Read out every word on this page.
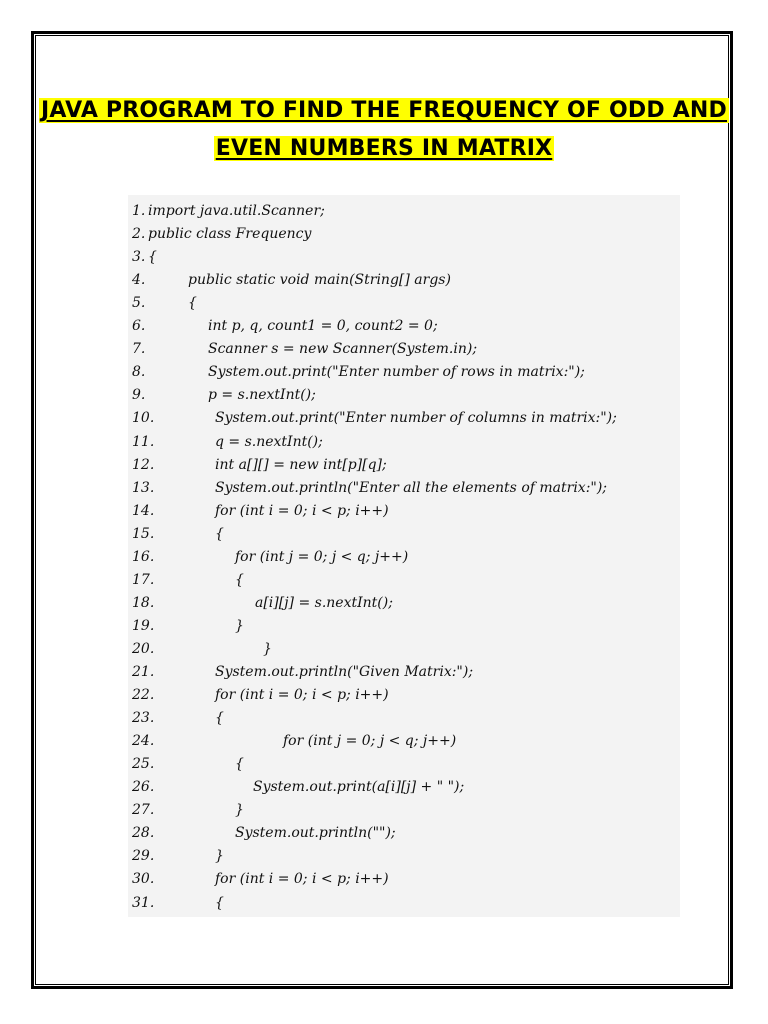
JAVA PROGRAM TO FIND THE FREQUENCY OF ODD AND
EVEN NUMBERS IN MATRIX
1. import java.util.Scanner;
2. public class Frequency
3. {
4.	public static void main(String[] args)
5.	{
6.	int p, q, count1 = 0, count2 = 0;
7.	Scanner s = new Scanner(System.in);
8.	System.out.print("Enter number of rows in matrix:");
9.	p = s.nextInt();
10.	System.out.print("Enter number of columns in matrix:");
11.	q = s.nextInt();
12.	int a[][] = new int[p][q];
13.	System.out.println("Enter all the elements of matrix:");
14.	for (int i = 0; i < p; i++)
15.	{
16.	for (int j = 0; j < q; j++)
17.	{
18.	a[i][j] = s.nextInt();
19.	}
20.	}
21.	System.out.println("Given Matrix:");
22.	for (int i = 0; i < p; i++)
23.	{
24.	for (int j = 0; j < q; j++)
25.	{
26.	System.out.print(a[i][j] + " ");
27.	}
28.	System.out.println("");
29.	}
30.	for (int i = 0; i < p; i++)
31.	{
